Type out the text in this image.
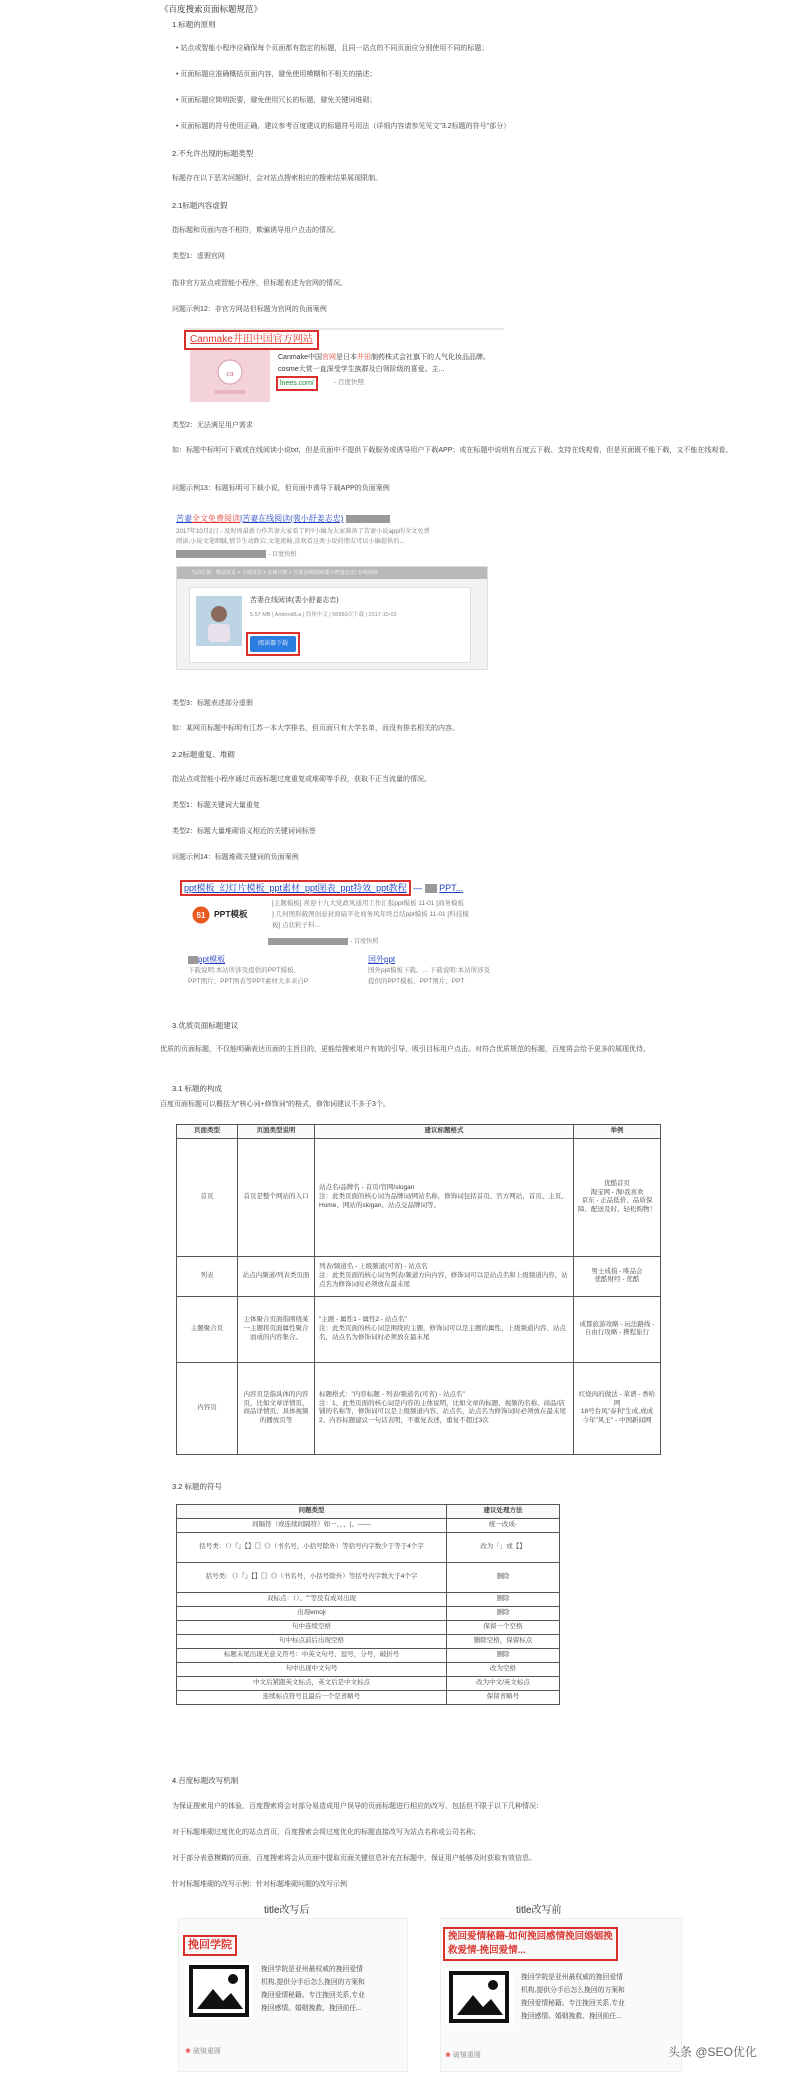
《百度搜索页面标题规范》
1.标题的原则
• 站点或智能小程序应确保每个页面都有指定的标题，且同一站点的不同页面应分别使用不同的标题；
• 页面标题应准确概括页面内容，避免使用模糊和不相关的描述；
• 页面标题应简明扼要，避免使用冗长的标题，避免关键词堆砌；
• 页面标题的符号使用正确，建议参考百度建议的标题符号用法（详细内容请参见见文"3.2标题的符号"部分）
2.不允许出现的标题类型
标题存在以下恶劣问题时，会对站点搜索相应的搜索结果展现限制。
2.1标题内容虚假
指标题和页面内容不相符，欺骗诱导用户点击的情况。
类型1：虚假官网
指非官方站点或智能小程序，但标题表述为官网的情况。
问题示例12：非官方网站但标题为官网的负面案例
Canmake井田中国官方网站
ca
Canmake中国官网是日本井田制药株式会社旗下的人气化妆品品牌。
cosme大赏一直深受学生族群及白领阶级的喜爱。主...
lnees.com/	- 百度快照
类型2：无法满足用户需求
如：标题中标明可下载或在线阅读小说txt，但是页面中不提供下载服务或诱导用户下载APP；或在标题中说明有百度云下载、支持在线观看，但是页面既不能下载，又不能在线观看。
问题示例13：标题标明可下载小说，但页面中诱导下载APP的负面案例
苦妻全文免费阅读|苦妻在线阅读(裴小舒姜志忠)
2017年10月2日 - 及时周最新力作苦妻大家看了吗?小编为大家准备了苦妻小说app的全文免费
阅读,小说文笔细腻,情节生动跌宕,文笔流畅,喜欢看这类小说的朋友可以小编提供的...
- 百度快照
当前位置：精品首页 > 小说首页 > 女频言情 > 苦妻在线阅读(裴小舒姜志忠) 在线阅读
苦妻在线阅读(裴小舒姜志忠)
5.57 MB | Android/La | 简体中文 | 56960次下载 | 2017-10-02
阅读器下载
类型3：标题表述部分虚假
如：某网页标题中标明有江苏一本大学排名，但页面只有大学名单，而没有排名相关的内容。
2.2标题重复、堆砌
指站点或智能小程序通过页面标题过度重复或堆砌等手段，获取不正当流量的情况。
类型1：标题关键词大量重复
类型2：标题大量堆砌语义相近的关键词词标签
问题示例14：标题堆砌关键词的负面案例
ppt模板_幻灯片模板_ppt素材_ppt图表_ppt特效_ppt教程 — PPT...
51 PPT模板
[主题模板] 喜迎十九大党政风通用工作汇报ppt模板 11-01 [商务模板
] 几何图形截图创意封面扁平化商务风年终总结ppt模板 11-01 [科技模
板] 点状粒子科...
- 百度快照
ppt模板
下载说明:本站所涉及提供的PPT模板、
PPT图片、PPT图表等PPT素材大多来自P
国外ppt
国外ppt模板下载。... 下载说明:本站所涉及
提供的PPT模板、PPT图片、PPT
3.优质页面标题建议
优质的页面标题，不仅能明确表达页面的主旨目的，更能给搜索用户有效的引导，吸引目标用户点击。对符合优质规范的标题，百度将会给予更多的展现优待。
3.1 标题的构成
百度页面标题可以概括为"核心词+修饰词"的格式，修饰词建议不多于3个。
页面类型	页面类型说明	建议标题格式	举例
首页	首页是整个网站的入口	站点名/品牌名 - 首页/官网/slogan
注：此类页面的核心词为品牌词/网站名称，修饰词包括首页、官方网站、首页、主页、Home、网站的slogan、站点交品牌词等。	优酷首页
淘宝网 - 淘!我喜欢
京东 - 正品低价、品质保障、配送及时、轻松购物！
列表	站点内频道/列表类页面	列表/频道名 - 上级频道(可省) - 站点名
注：此类页面的核心词为列表/频道方向内容，修饰词可以是站点名和上级频道内容，站点名为修饰词时必须放在最末尾	男士戒指 - 唯品会
优酷财经 - 优酷
主题聚合页	主体聚合页面指围绕某一主题将页面属性聚合而成的内容集合。	"主题 - 属性1 - 属性2 - 站点名"
注：此类页面的核心词是围绕的主题，修饰词可以是主题的属性、上级频道内容、站点名，站点名为修饰词时必须放在最末尾	成都旅游攻略 - 玩法路线 - 自由行攻略 - 携程旅行
内容页	内容页是指具体的内容页，比如文章详情页、商品详情页、具体视频的播放页等	标题格式："内容标题 - 列表/频道名(可省) - 站点名"
注：1、此类页面的核心词是内容的主体说明，比如文章的标题、视频的名称、商品/店铺的名称等，修饰词可以是上级频道内容、站点名，站点名为修饰词时必须放在最末尾
2、内容标题建议一句话表明，不重复表述，重复不超过3次	红烧肉的做法 - 菜谱 - 香哈网
18号台风"泰利"生成,或成今年"风王" - 中国新闻网
3.2 标题的符号
问题类型	建议处理方法
间隔符（或连续间隔符）如一、，、|、——	统一改成-
括号类：（）『』【】〖〗《》（书名号，小括号除外）等括号内字数少于等于4个字	改为「」或【】
括号类：（）『』【】〖〗《》（书名号，小括号除外）等括号内字数大于4个字	删除
双标点：（）、""等没有成对出现	删除
出现emoji	删除
句中连续空格	保留一个空格
句中标点前后出现空格	删除空格，保留标点
标题末尾出现无意义符号：中英文句号、逗号，分号，破折号	删除
句中出现中文句号	改为空格
中文后紧跟英文标点，英文后是中文标点	改为中文/英文标点
连续标点符号且最后一个是省略号	保留省略号
4.百度标题改写机制
为保证搜索用户的体验，百度搜索将会对部分易造成用户误导的页面标题进行相应的改写，包括但不限于以下几种情况：
对于标题堆砌过度优化的站点首页，百度搜索会将过度优化的标题直接改写为站点名称或公司名称；
对于部分表意模糊的页面，百度搜索将会从页面中提取页面关键信息补充在标题中，保证用户能够及时获取有效信息。
针对标题堆砌的改写示例：针对标题堆砌问题的改写示例
title改写后
挽回学院
挽回学院是亚州最权威的挽回爱情
机构,提供分手后怎么挽回的方案和
挽回爱情秘籍。专注挽回关系,专业
挽回感情。婚姻挽救、挽回前任...
❀ 破镜重圆
title改写前
挽回爱情秘籍-如何挽回感情挽回婚姻挽
救爱情-挽回爱情...
挽回学院是亚州最权威的挽回爱情
机构,提供分手后怎么挽回的方案和
挽回爱情秘籍。专注挽回关系,专业
挽回感情。婚姻挽救、挽回前任...
❀ 破镜重圆	头条 @SEO优化
